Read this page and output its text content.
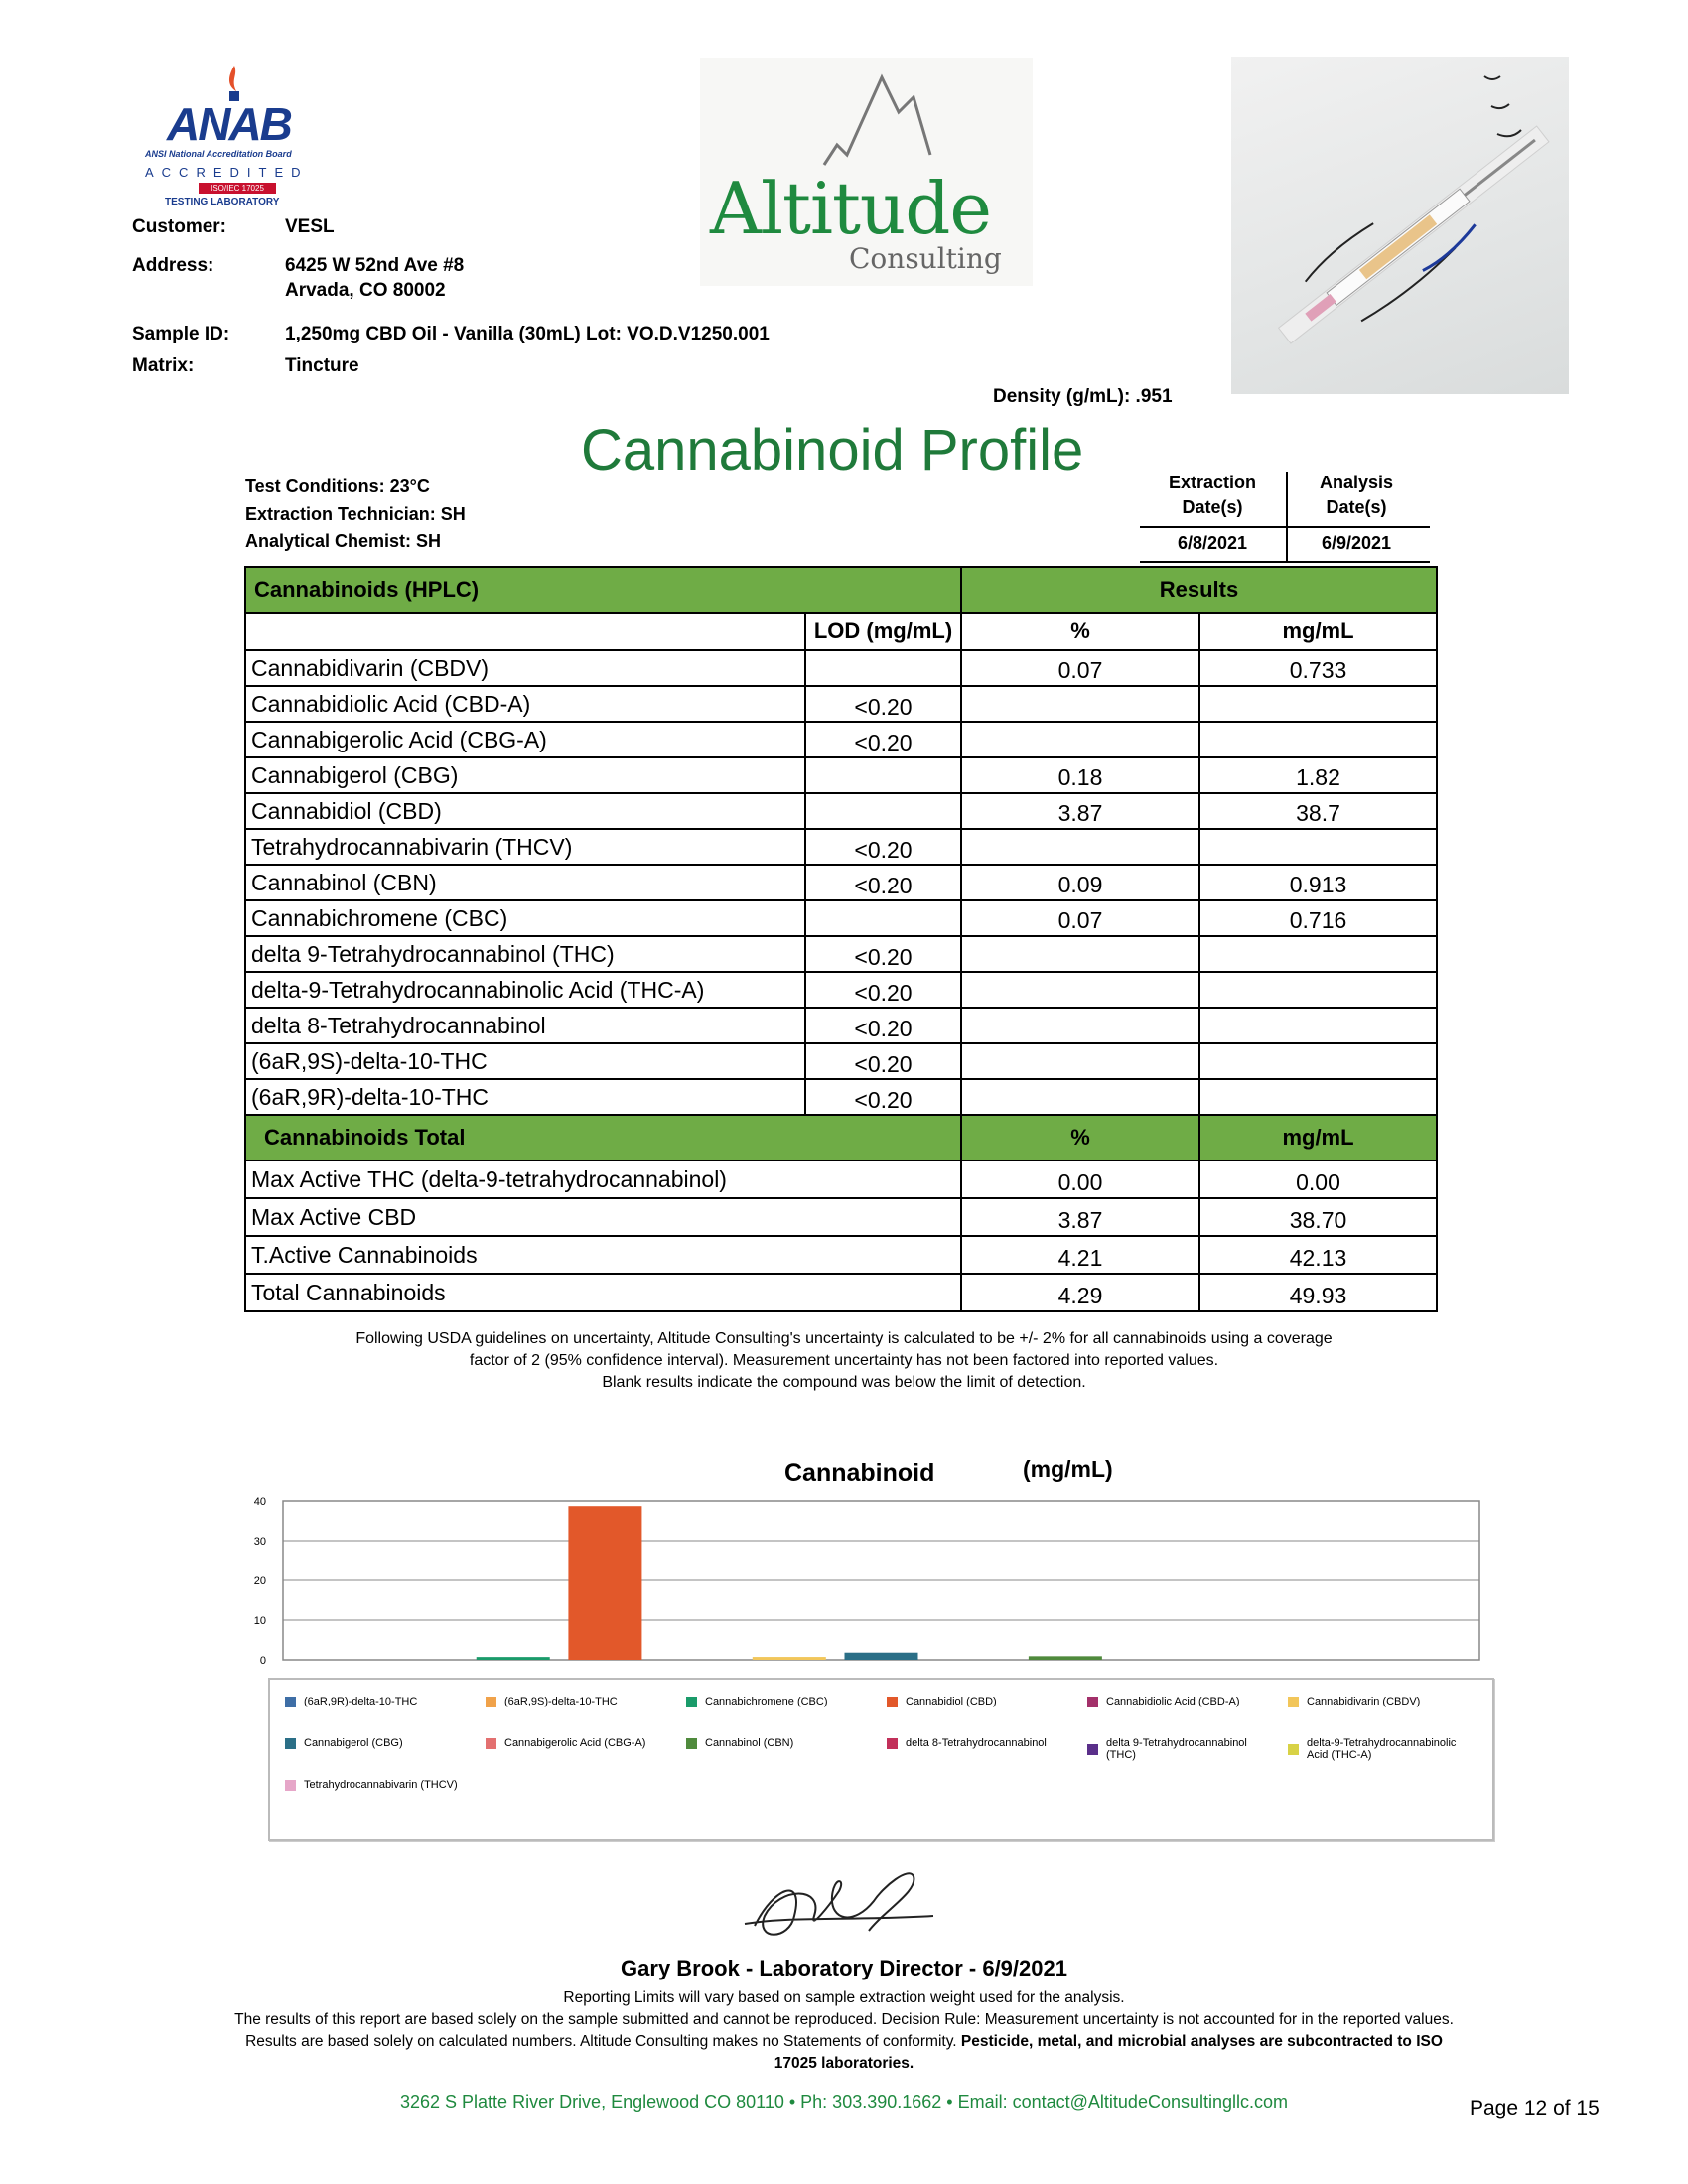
ANAB
ANSI National Accreditation Board
ACCREDITED
ISO/IEC 17025
TESTING LABORATORY	Altitude
Consulting
Customer:	VESL
Address:	6425 W 52nd Ave #8
Arvada, CO 80002
Sample ID:	1,250mg CBD Oil - Vanilla (30mL) Lot: VO.D.V1250.001
Matrix:	Tincture
Density (g/mL): .951
Cannabinoid Profile
Test Conditions: 23°C
Extraction Technician: SH
Analytical Chemist: SH
Extraction
Date(s)
Analysis
Date(s)
6/8/2021	6/9/2021
Cannabinoids (HPLC)		Results	
	LOD (mg/mL)	%	mg/mL
Cannabidivarin (CBDV)		0.07	0.733
Cannabidiolic Acid (CBD-A)	<0.20		
Cannabigerolic Acid (CBG-A)	<0.20		
Cannabigerol (CBG)		0.18	1.82
Cannabidiol (CBD)		3.87	38.7
Tetrahydrocannabivarin (THCV)	<0.20		
Cannabinol (CBN)	<0.20	0.09	0.913
Cannabichromene (CBC)		0.07	0.716
delta 9-Tetrahydrocannabinol (THC)	<0.20		
delta-9-Tetrahydrocannabinolic Acid (THC-A)	<0.20		
delta 8-Tetrahydrocannabinol	<0.20		
(6aR,9S)-delta-10-THC	<0.20		
(6aR,9R)-delta-10-THC	<0.20		
Cannabinoids Total		%	mg/mL
Max Active THC (delta-9-tetrahydrocannabinol)		0.00	0.00
Max Active CBD		3.87	38.70
T.Active Cannabinoids		4.21	42.13
Total Cannabinoids		4.29	49.93
Following USDA guidelines on uncertainty, Altitude Consulting's uncertainty is calculated to be +/- 2% for all cannabinoids using a coverage
factor of 2 (95% confidence interval). Measurement uncertainty has not been factored into reported values.
Blank results indicate the compound was below the limit of detection.
Cannabinoid	(mg/mL)
0
10
20
30
40
(6aR,9R)-delta-10-THC	(6aR,9S)-delta-10-THC	Cannabichromene (CBC)	Cannabidiol (CBD)	Cannabidiolic Acid (CBD-A)	Cannabidivarin (CBDV)
Cannabigerol (CBG)	Cannabigerolic Acid (CBG-A)	Cannabinol (CBN)	delta 8-Tetrahydrocannabinol	delta 9-Tetrahydrocannabinol (THC)
delta-9-Tetrahydrocannabinolic Acid (THC-A)
Tetrahydrocannabivarin (THCV)
Gary Brook - Laboratory Director - 6/9/2021
Reporting Limits will vary based on sample extraction weight used for the analysis.
The results of this report are based solely on the sample submitted and cannot be reproduced. Decision Rule: Measurement uncertainty is not accounted for in the reported values.
Results are based solely on calculated numbers. Altitude Consulting makes no Statements of conformity. Pesticide, metal, and microbial analyses are subcontracted to ISO
17025 laboratories.
3262 S Platte River Drive, Englewood CO 80110 • Ph: 303.390.1662 • Email: contact@AltitudeConsultingllc.com	Page 12 of 15
